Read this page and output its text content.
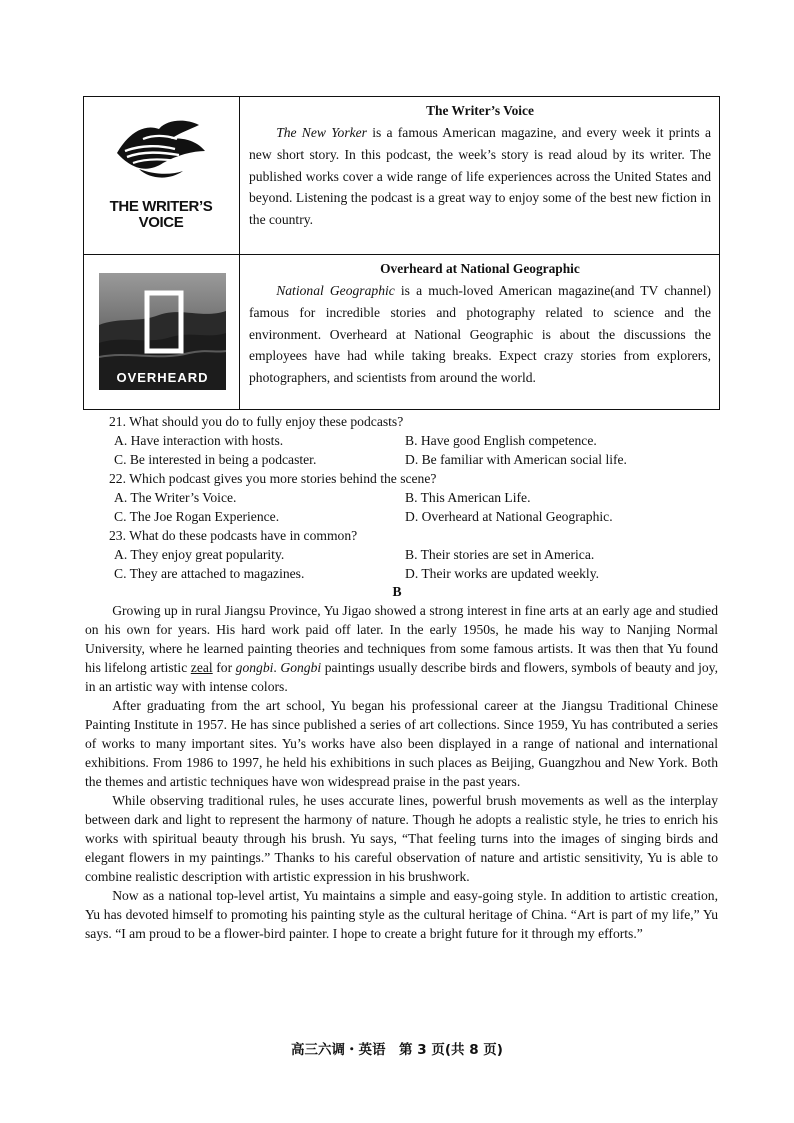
THE WRITER’S
VOICE
The Writer’s Voice

The New Yorker is a famous American magazine, and every week it prints a new short story. In this podcast, the week’s story is read aloud by its writer. The published works cover a wide range of life experiences across the United States and beyond. Listening the podcast is a great way to enjoy some of the best new fiction in the country.

OVERHEARD
Overheard at National Geographic

National Geographic is a much-loved American magazine(and TV channel) famous for incredible stories and photography related to science and the environment. Overheard at National Geographic is about the discussions the employees have had while taking breaks. Expect crazy stories from explorers, photographers, and scientists from around the world.

21. What should you do to fully enjoy these podcasts?
A. Have interaction with hosts.	B. Have good English competence.
C. Be interested in being a podcaster.	D. Be familiar with American social life.
22. Which podcast gives you more stories behind the scene?
A. The Writer’s Voice.	B. This American Life.
C. The Joe Rogan Experience.	D. Overheard at National Geographic.
23. What do these podcasts have in common?
A. They enjoy great popularity.	B. Their stories are set in America.
C. They are attached to magazines.	D. Their works are updated weekly.
B

Growing up in rural Jiangsu Province, Yu Jigao showed a strong interest in fine arts at an early age and studied on his own for years. His hard work paid off later. In the early 1950s, he made his way to Nanjing Normal University, where he learned painting theories and techniques from some famous artists. It was then that Yu found his lifelong artistic zeal for gongbi. Gongbi paintings usually describe birds and flowers, symbols of beauty and joy, in an artistic way with intense colors.

After graduating from the art school, Yu began his professional career at the Jiangsu Traditional Chinese Painting Institute in 1957. He has since published a series of art collections. Since 1959, Yu has contributed a series of works to many important sites. Yu’s works have also been displayed in a range of national and international exhibitions. From 1986 to 1997, he held his exhibitions in such places as Beijing, Guangzhou and New York. Both the themes and artistic techniques have won widespread praise in the past years.

While observing traditional rules, he uses accurate lines, powerful brush movements as well as the interplay between dark and light to represent the harmony of nature. Though he adopts a realistic style, he tries to enrich his works with spiritual beauty through his brush. Yu says, “That feeling turns into the images of singing birds and elegant flowers in my paintings.” Thanks to his careful observation of nature and artistic sensitivity, Yu is able to combine realistic description with artistic expression in his brushwork.

Now as a national top-level artist, Yu maintains a simple and easy-going style. In addition to artistic creation, Yu has devoted himself to promoting his painting style as the cultural heritage of China. “Art is part of my life,” Yu says. “I am proud to be a flower-bird painter. I hope to create a bright future for it through my efforts.”

高三六调・英语　第 3 页(共 8 页)
